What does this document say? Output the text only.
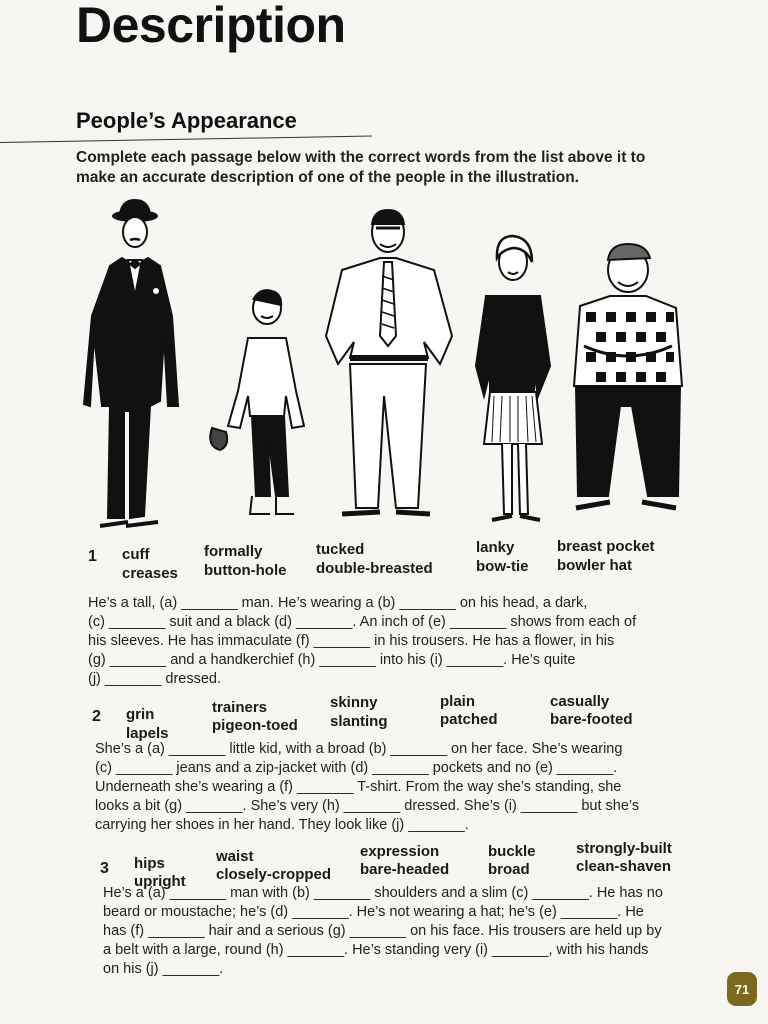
Description
People’s Appearance
Complete each passage below with the correct words from the list above it to make an accurate description of one of the people in the illustration.
1 cuff
creases
formally
button-hole
tucked
double-breasted
lanky
bow-tie
breast pocket
bowler hat
He’s a tall, (a) _______ man. He’s wearing a (b) _______ on his head, a dark,
(c) _______ suit and a black (d) _______. An inch of (e) _______ shows from each of
his sleeves. He has immaculate (f) _______ in his trousers. He has a flower, in his
(g) _______ and a handkerchief (h) _______ into his (i) _______. He’s quite
(j) _______ dressed.
2 grin
lapels
trainers
pigeon-toed
skinny
slanting
plain
patched
casually
bare-footed
She’s a (a) _______ little kid, with a broad (b) _______ on her face. She’s wearing
(c) _______ jeans and a zip-jacket with (d) _______ pockets and no (e) _______.
Underneath she’s wearing a (f) _______ T-shirt. From the way she’s standing, she
looks a bit (g) _______. She’s very (h) _______ dressed. She’s (i) _______ but she’s
carrying her shoes in her hand. They look like (j) _______.
3 hips
upright
waist
closely-cropped
expression
bare-headed
buckle
broad
strongly-built
clean-shaven
He’s a (a) _______ man with (b) _______ shoulders and a slim (c) _______. He has no
beard or moustache; he’s (d) _______. He’s not wearing a hat; he’s (e) _______. He
has (f) _______ hair and a serious (g) _______ on his face. His trousers are held up by
a belt with a large, round (h) _______. He’s standing very (i) _______, with his hands
on his (j) _______.
71
